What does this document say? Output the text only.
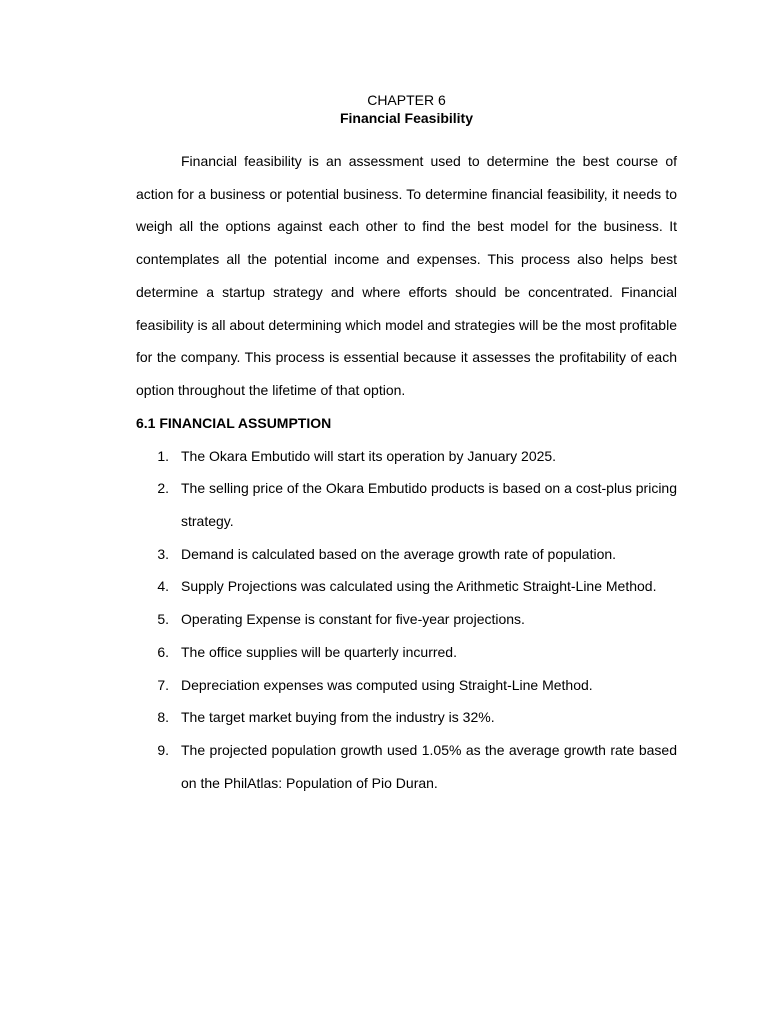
CHAPTER 6

Financial Feasibility

Financial feasibility is an assessment used to determine the best course of action for a business or potential business. To determine financial feasibility, it needs to weigh all the options against each other to find the best model for the business. It contemplates all the potential income and expenses. This process also helps best determine a startup strategy and where efforts should be concentrated. Financial feasibility is all about determining which model and strategies will be the most profitable for the company. This process is essential because it assesses the profitability of each option throughout the lifetime of that option.

6.1 FINANCIAL ASSUMPTION

1. The Okara Embutido will start its operation by January 2025.
2. The selling price of the Okara Embutido products is based on a cost-plus pricing strategy.
3. Demand is calculated based on the average growth rate of population.
4. Supply Projections was calculated using the Arithmetic Straight-Line Method.
5. Operating Expense is constant for five-year projections.
6. The office supplies will be quarterly incurred.
7. Depreciation expenses was computed using Straight-Line Method.
8. The target market buying from the industry is 32%.
9. The projected population growth used 1.05% as the average growth rate based on the PhilAtlas: Population of Pio Duran.
